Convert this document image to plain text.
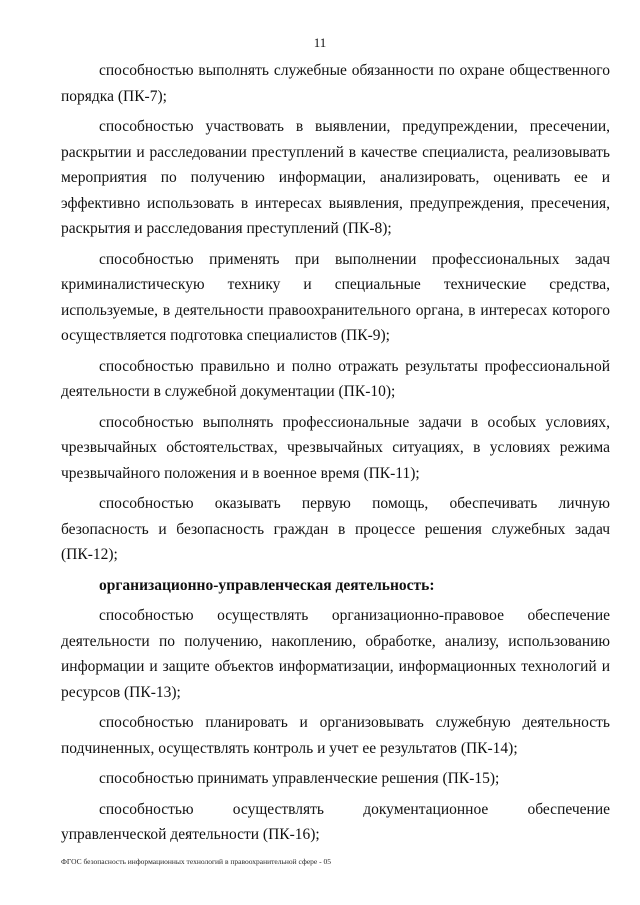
11

способностью выполнять служебные обязанности по охране общественного порядка (ПК-7);

способностью участвовать в выявлении, предупреждении, пресечении, раскрытии и расследовании преступлений в качестве специалиста, реализовывать мероприятия по получению информации, анализировать, оценивать ее и эффективно использовать в интересах выявления, предупреждения, пресечения, раскрытия и расследования преступлений (ПК-8);

способностью применять при выполнении профессиональных задач криминалистическую технику и специальные технические средства, используемые, в деятельности правоохранительного органа, в интересах которого осуществляется подготовка специалистов (ПК-9);

способностью правильно и полно отражать результаты профессиональной деятельности в служебной документации (ПК-10);

способностью выполнять профессиональные задачи в особых условиях, чрезвычайных обстоятельствах, чрезвычайных ситуациях, в условиях режима чрезвычайного положения и в военное время (ПК-11);

способностью оказывать первую помощь, обеспечивать личную безопасность и безопасность граждан в процессе решения служебных задач (ПК-12);

организационно-управленческая деятельность:

способностью осуществлять организационно-правовое обеспечение деятельности по получению, накоплению, обработке, анализу, использованию информации и защите объектов информатизации, информационных технологий и ресурсов (ПК-13);

способностью планировать и организовывать служебную деятельность подчиненных, осуществлять контроль и учет ее результатов (ПК-14);

способностью принимать управленческие решения (ПК-15);

способностью осуществлять документационное обеспечение управленческой деятельности (ПК-16);

ФГОС безопасность информационных технологий в правоохранительной сфере - 05
